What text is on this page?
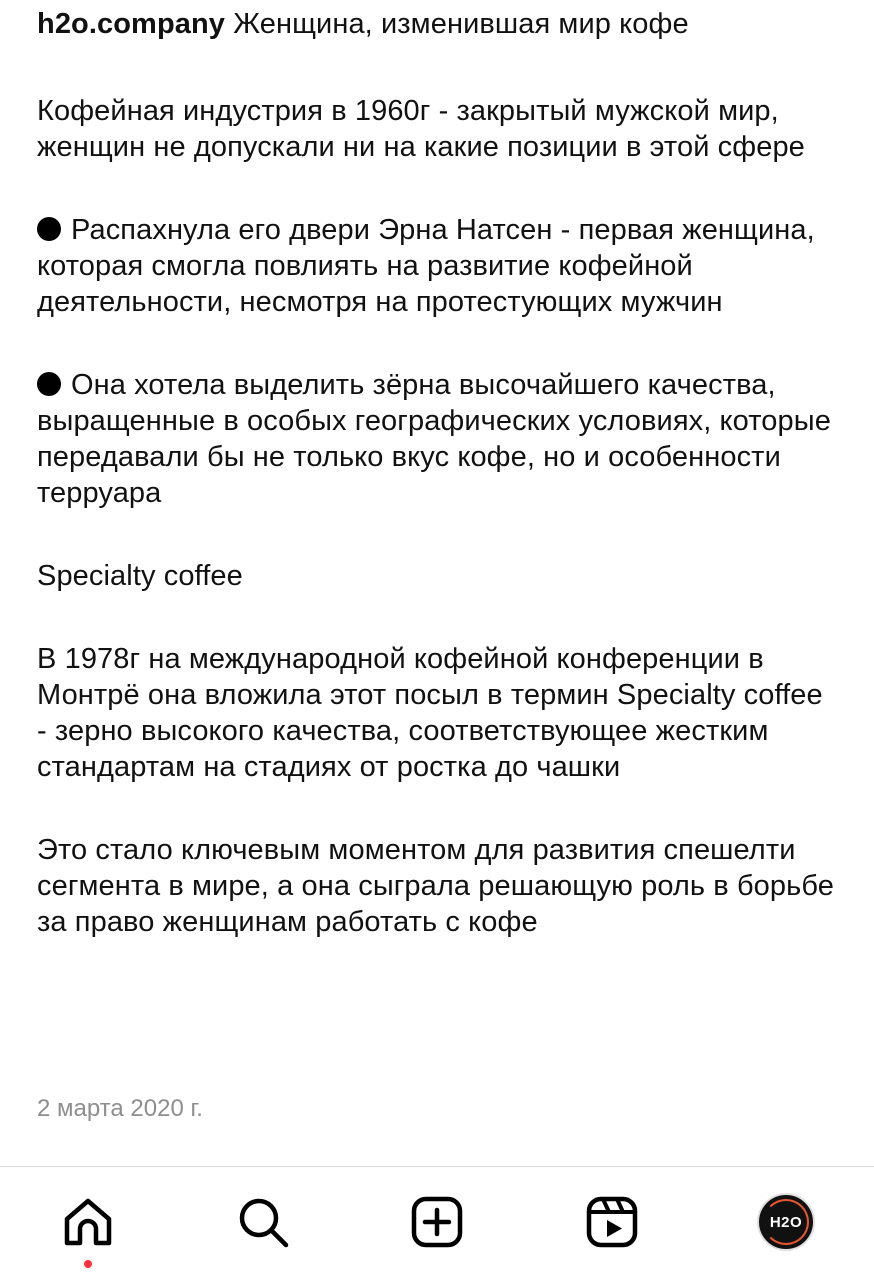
h2o.company Женщина, изменившая мир кофе

Кофейная индустрия в 1960г - закрытый мужской мир, женщин не допускали ни на какие позиции в этой сфере

Распахнула его двери Эрна Натсен - первая женщина, которая смогла повлиять на развитие кофейной деятельности, несмотря на протестующих мужчин

Она хотела выделить зёрна высочайшего качества, выращенные в особых географических условиях, которые передавали бы не только вкус кофе, но и особенности терруара

Specialty coffee

В 1978г на международной кофейной конференции в Монтрё она вложила этот посыл в термин Specialty coffee - зерно высокого качества, соответствующее жестким стандартам на стадиях от ростка до чашки

Это стало ключевым моментом для развития спешелти сегмента в мире, а она сыграла решающую роль в борьбе за право женщинам работать с кофе

2 марта 2020 г.
H2O
